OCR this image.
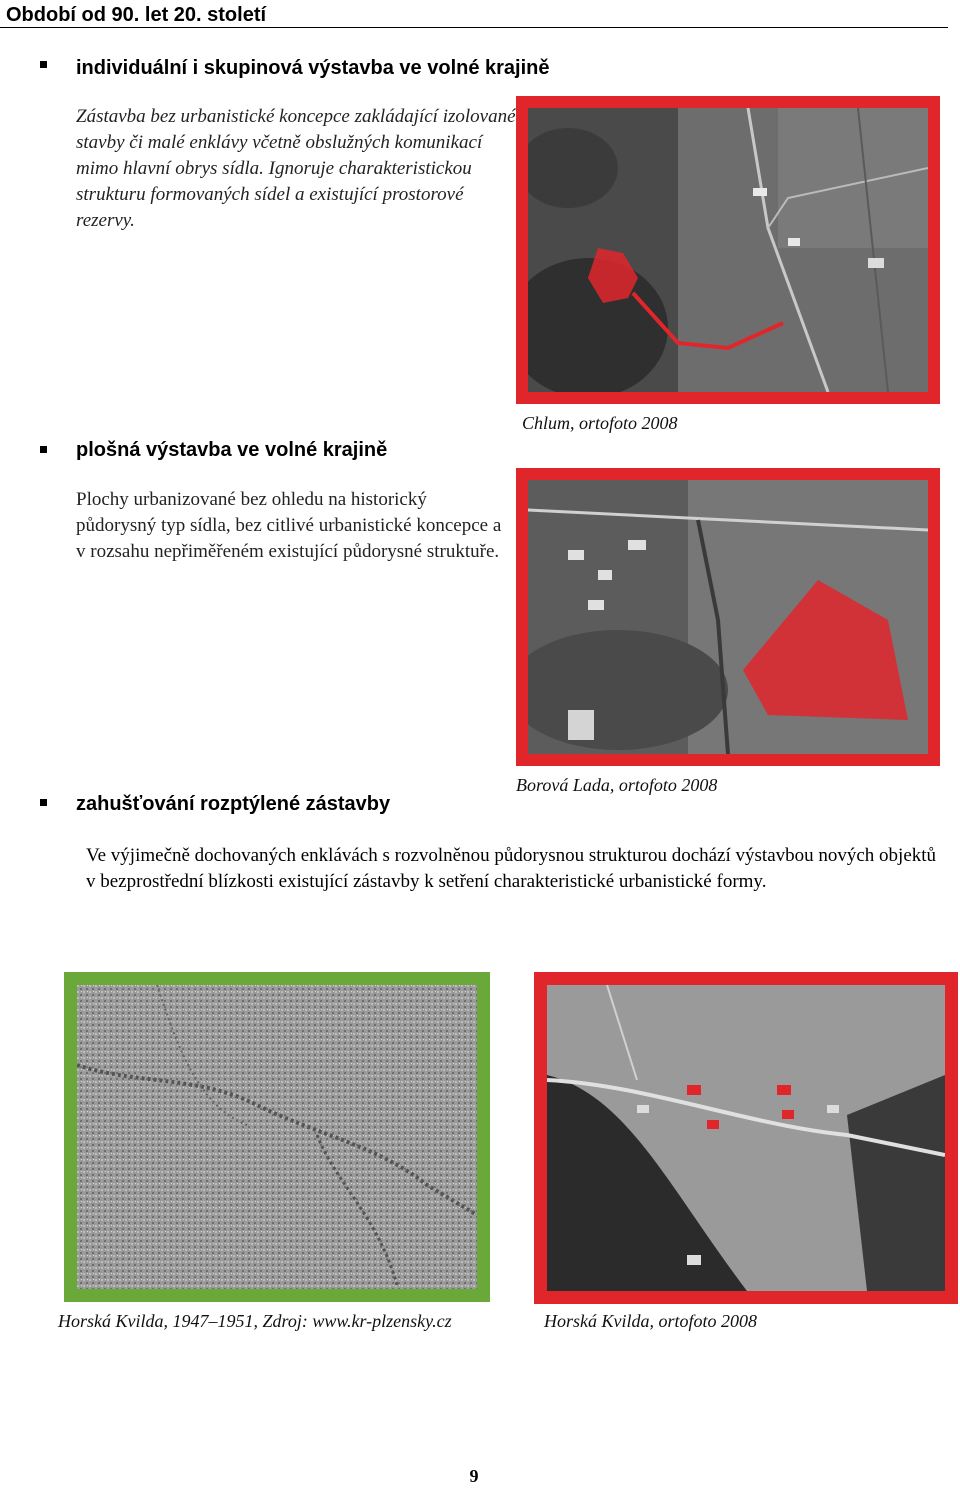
Období od 90. let 20. století
individuální i skupinová výstavba ve volné krajině
Zástavba bez urbanistické koncepce zakládající izolované stavby či malé enklávy včetně obslužných komunikací mimo hlavní obrys sídla. Ignoruje charakteristickou strukturu formovaných sídel a existující prostorové rezervy.
Chlum, ortofoto 2008
plošná výstavba ve volné krajině
Plochy urbanizované bez ohledu na historický půdorysný typ sídla, bez citlivé urbanistické koncepce a v rozsahu nepřiměřeném existující půdorysné struktuře.
Borová Lada, ortofoto 2008
zahušťování rozptýlené zástavby
Ve výjimečně dochovaných enklávách s rozvolněnou půdorysnou strukturou dochází výstavbou nových objektů v bezprostřední blízkosti existující zástavby k setření charakteristické urbanistické formy.
Horská Kvilda, 1947–1951, Zdroj: www.kr-plzensky.cz	Horská Kvilda, ortofoto 2008
9
